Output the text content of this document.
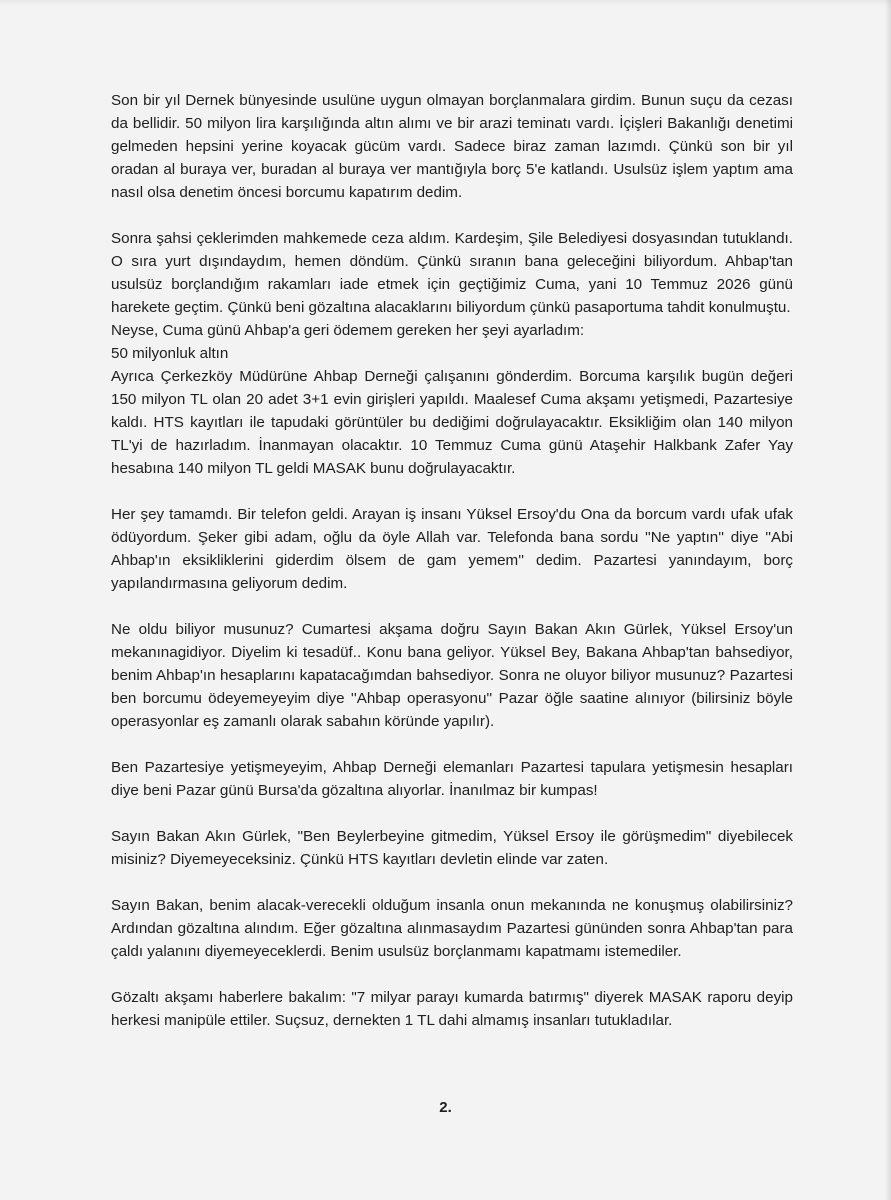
Son bir yıl Dernek bünyesinde usulüne uygun olmayan borçlanmalara girdim. Bunun suçu da cezası da bellidir. 50 milyon lira karşılığında altın alımı ve bir arazi teminatı vardı. İçişleri Bakanlığı denetimi gelmeden hepsini yerine koyacak gücüm vardı. Sadece biraz zaman lazımdı. Çünkü son bir yıl oradan al buraya ver, buradan al buraya ver mantığıyla borç 5'e katlandı. Usulsüz işlem yaptım ama nasıl olsa denetim öncesi borcumu kapatırım dedim.

Sonra şahsi çeklerimden mahkemede ceza aldım. Kardeşim, Şile Belediyesi dosyasından tutuklandı. O sıra yurt dışındaydım, hemen döndüm. Çünkü sıranın bana geleceğini biliyordum. Ahbap'tan usulsüz borçlandığım rakamları iade etmek için geçtiğimiz Cuma, yani 10 Temmuz 2026 günü harekete geçtim. Çünkü beni gözaltına alacaklarını biliyordum çünkü pasaportuma tahdit konulmuştu.

Neyse, Cuma günü Ahbap'a geri ödemem gereken her şeyi ayarladım:

50 milyonluk altın

Ayrıca Çerkezköy Müdürüne Ahbap Derneği çalışanını gönderdim. Borcuma karşılık bugün değeri 150 milyon TL olan 20 adet 3+1 evin girişleri yapıldı. Maalesef Cuma akşamı yetişmedi, Pazartesiye kaldı. HTS kayıtları ile tapudaki görüntüler bu dediğimi doğrulayacaktır. Eksikliğim olan 140 milyon TL'yi de hazırladım. İnanmayan olacaktır. 10 Temmuz Cuma günü Ataşehir Halkbank Zafer Yay hesabına 140 milyon TL geldi MASAK bunu doğrulayacaktır.

Her şey tamamdı. Bir telefon geldi. Arayan iş insanı Yüksel Ersoy'du Ona da borcum vardı ufak ufak ödüyordum. Şeker gibi adam, oğlu da öyle Allah var. Telefonda bana sordu ''Ne yaptın'' diye ''Abi Ahbap'ın eksikliklerini giderdim ölsem de gam yemem'' dedim. Pazartesi yanındayım, borç yapılandırmasına geliyorum dedim.

Ne oldu biliyor musunuz? Cumartesi akşama doğru Sayın Bakan Akın Gürlek, Yüksel Ersoy'un mekanınagidiyor. Diyelim ki tesadüf.. Konu bana geliyor. Yüksel Bey, Bakana Ahbap'tan bahsediyor, benim Ahbap'ın hesaplarını kapatacağımdan bahsediyor. Sonra ne oluyor biliyor musunuz? Pazartesi ben borcumu ödeyemeyeyim diye ''Ahbap operasyonu'' Pazar öğle saatine alınıyor (bilirsiniz böyle operasyonlar eş zamanlı olarak sabahın köründe yapılır).

Ben Pazartesiye yetişmeyeyim, Ahbap Derneği elemanları Pazartesi tapulara yetişmesin hesapları diye beni Pazar günü Bursa'da gözaltına alıyorlar. İnanılmaz bir kumpas!

Sayın Bakan Akın Gürlek, "Ben Beylerbeyine gitmedim, Yüksel Ersoy ile görüşmedim" diyebilecek misiniz? Diyemeyeceksiniz. Çünkü HTS kayıtları devletin elinde var zaten.

Sayın Bakan, benim alacak-verecekli olduğum insanla onun mekanında ne konuşmuş olabilirsiniz? Ardından gözaltına alındım. Eğer gözaltına alınmasaydım Pazartesi gününden sonra Ahbap'tan para çaldı yalanını diyemeyeceklerdi. Benim usulsüz borçlanmamı kapatmamı istemediler.

Gözaltı akşamı haberlere bakalım: "7 milyar parayı kumarda batırmış" diyerek MASAK raporu deyip herkesi manipüle ettiler. Suçsuz, dernekten 1 TL dahi almamış insanları tutukladılar.

2.
